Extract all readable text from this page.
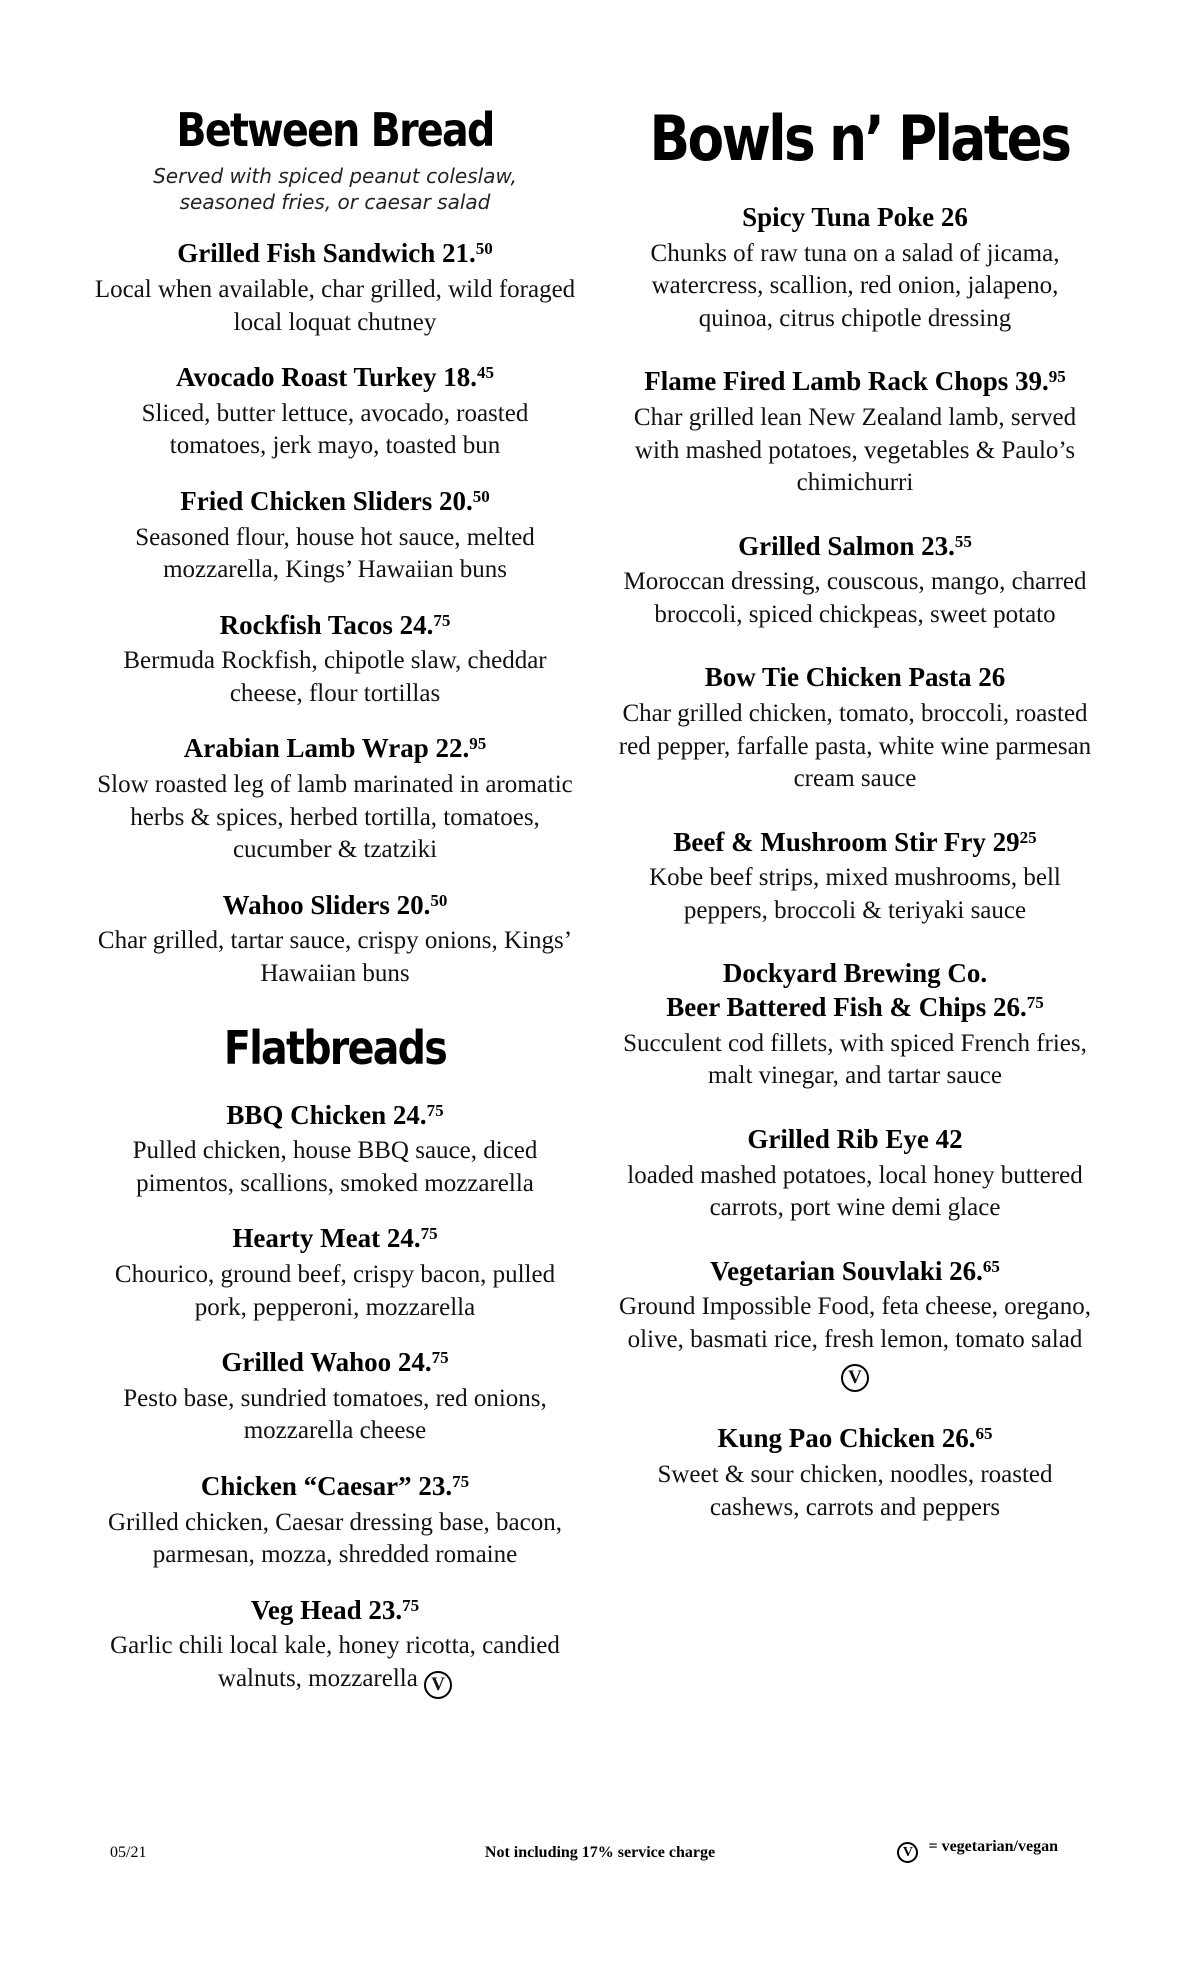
Between Bread
Served with spiced peanut coleslaw,
seasoned fries, or caesar salad
Grilled Fish Sandwich 21.50
Local when available, char grilled, wild foraged local loquat chutney
Avocado Roast Turkey 18.45
Sliced, butter lettuce, avocado, roasted tomatoes, jerk mayo, toasted bun
Fried Chicken Sliders 20.50
Seasoned flour, house hot sauce, melted mozzarella, Kings’ Hawaiian buns
Rockfish Tacos 24.75
Bermuda Rockfish, chipotle slaw, cheddar cheese, flour tortillas
Arabian Lamb Wrap 22.95
Slow roasted leg of lamb marinated in aromatic herbs & spices, herbed tortilla, tomatoes, cucumber & tzatziki
Wahoo Sliders 20.50
Char grilled, tartar sauce, crispy onions, Kings’ Hawaiian buns
Flatbreads
BBQ Chicken 24.75
Pulled chicken, house BBQ sauce, diced pimentos, scallions, smoked mozzarella
Hearty Meat 24.75
Chourico, ground beef, crispy bacon, pulled pork, pepperoni, mozzarella
Grilled Wahoo 24.75
Pesto base, sundried tomatoes, red onions, mozzarella cheese
Chicken “Caesar” 23.75
Grilled chicken, Caesar dressing base, bacon, parmesan, mozza, shredded romaine
Veg Head 23.75
Garlic chili local kale, honey ricotta, candied walnuts, mozzarella V
Bowls n’ Plates
Spicy Tuna Poke 26
Chunks of raw tuna on a salad of jicama, watercress, scallion, red onion, jalapeno, quinoa, citrus chipotle dressing
Flame Fired Lamb Rack Chops 39.95
Char grilled lean New Zealand lamb, served with mashed potatoes, vegetables & Paulo’s chimichurri
Grilled Salmon 23.55
Moroccan dressing, couscous, mango, charred broccoli, spiced chickpeas, sweet potato
Bow Tie Chicken Pasta 26
Char grilled chicken, tomato, broccoli, roasted red pepper, farfalle pasta, white wine parmesan cream sauce
Beef & Mushroom Stir Fry $29^{25}$
Kobe beef strips, mixed mushrooms, bell peppers, broccoli & teriyaki sauce
Dockyard Brewing Co.
Beer Battered Fish & Chips 26.75
Succulent cod fillets, with spiced French fries, malt vinegar, and tartar sauce
Grilled Rib Eye 42
loaded mashed potatoes, local honey buttered carrots, port wine demi glace
Vegetarian Souvlaki 26.65
Ground Impossible Food, feta cheese, oregano, olive, basmati rice, fresh lemon, tomato salad V
Kung Pao Chicken 26.65
Sweet & sour chicken, noodles, roasted cashews, carrots and peppers
05/21	Not including 17% service charge	V = vegetarian/vegan
